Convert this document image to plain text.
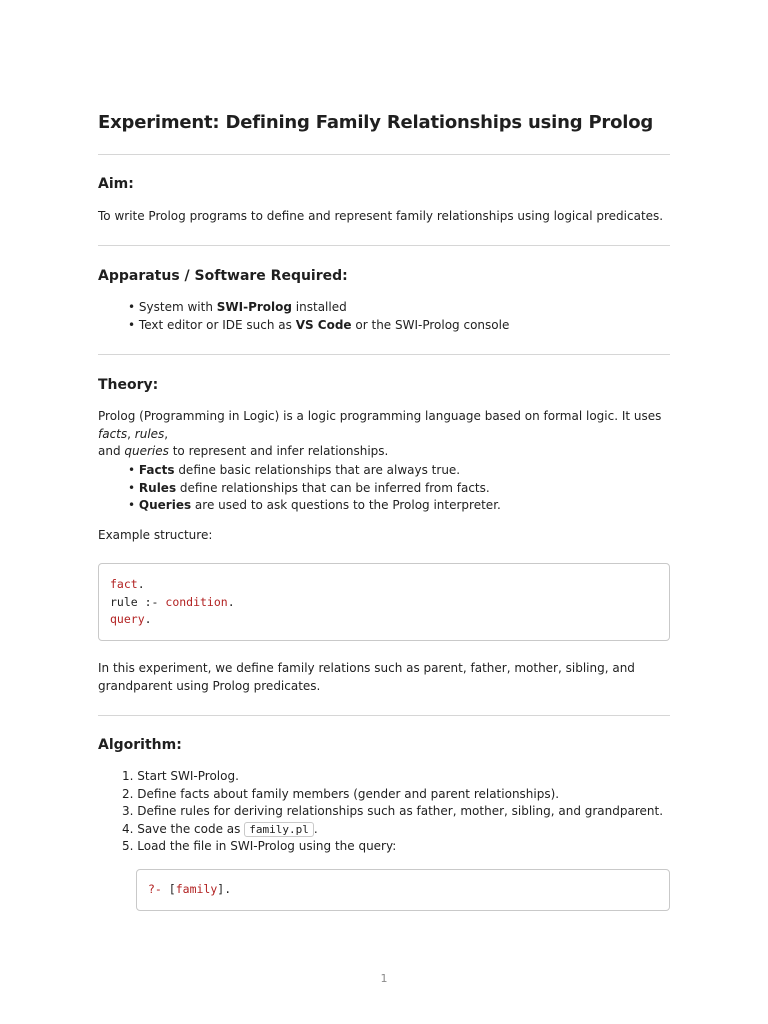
Experiment: Defining Family Relationships using Prolog
Aim:

To write Prolog programs to define and represent family relationships using logical predicates.

Apparatus / Software Required:
• System with SWI-Prolog installed
• Text editor or IDE such as VS Code or the SWI-Prolog console
Theory:

Prolog (Programming in Logic) is a logic programming language based on formal logic. It uses facts, rules,
and queries to represent and infer relationships.

• Facts define basic relationships that are always true.
• Rules define relationships that can be inferred from facts.
• Queries are used to ask questions to the Prolog interpreter.

Example structure:

fact.
rule :- condition.
query.

In this experiment, we define family relations such as parent, father, mother, sibling, and grandparent using Prolog predicates.

Algorithm:
1. Start SWI-Prolog.
2. Define facts about family members (gender and parent relationships).
3. Define rules for deriving relationships such as father, mother, sibling, and grandparent.
4. Save the code as family.pl .
5. Load the file in SWI-Prolog using the query:
?- [family].
1
